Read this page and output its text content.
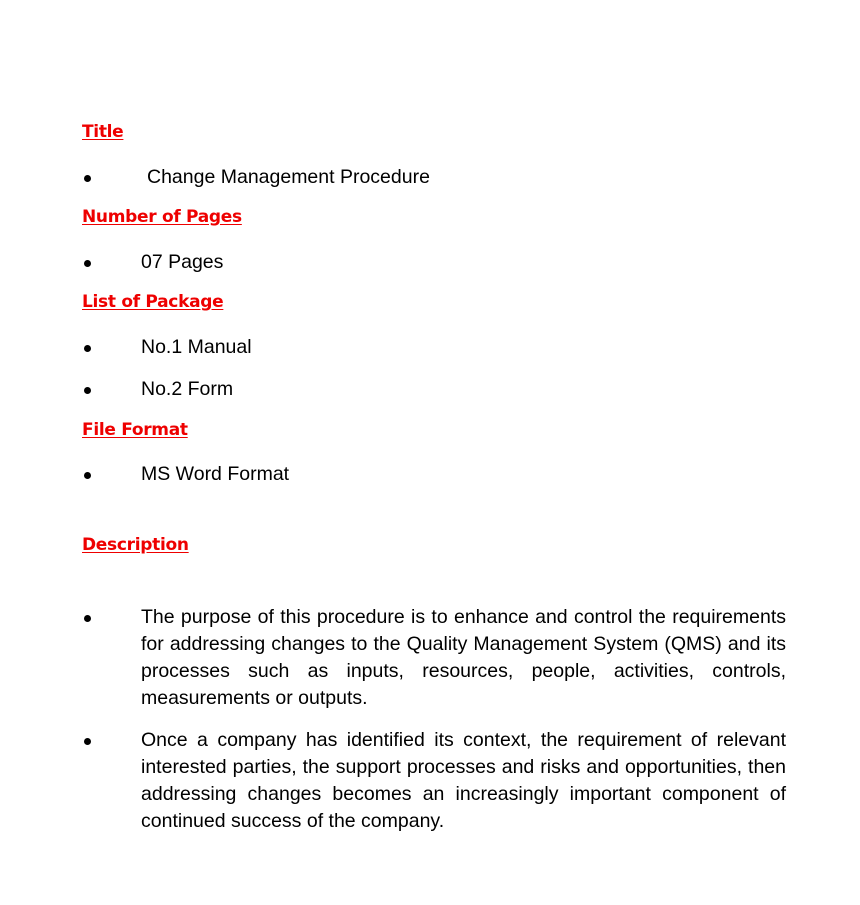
Title

Change Management Procedure

Number of Pages

07 Pages

List of Package

No.1 Manual

No.2 Form

File Format

MS Word Format

Description

The purpose of this procedure is to enhance and control the requirements for addressing changes to the Quality Management System (QMS) and its processes such as inputs, resources, people, activities, controls, measurements or outputs.

Once a company has identified its context, the requirement of relevant interested parties, the support processes and risks and opportunities, then addressing changes becomes an increasingly important component of continued success of the company.
